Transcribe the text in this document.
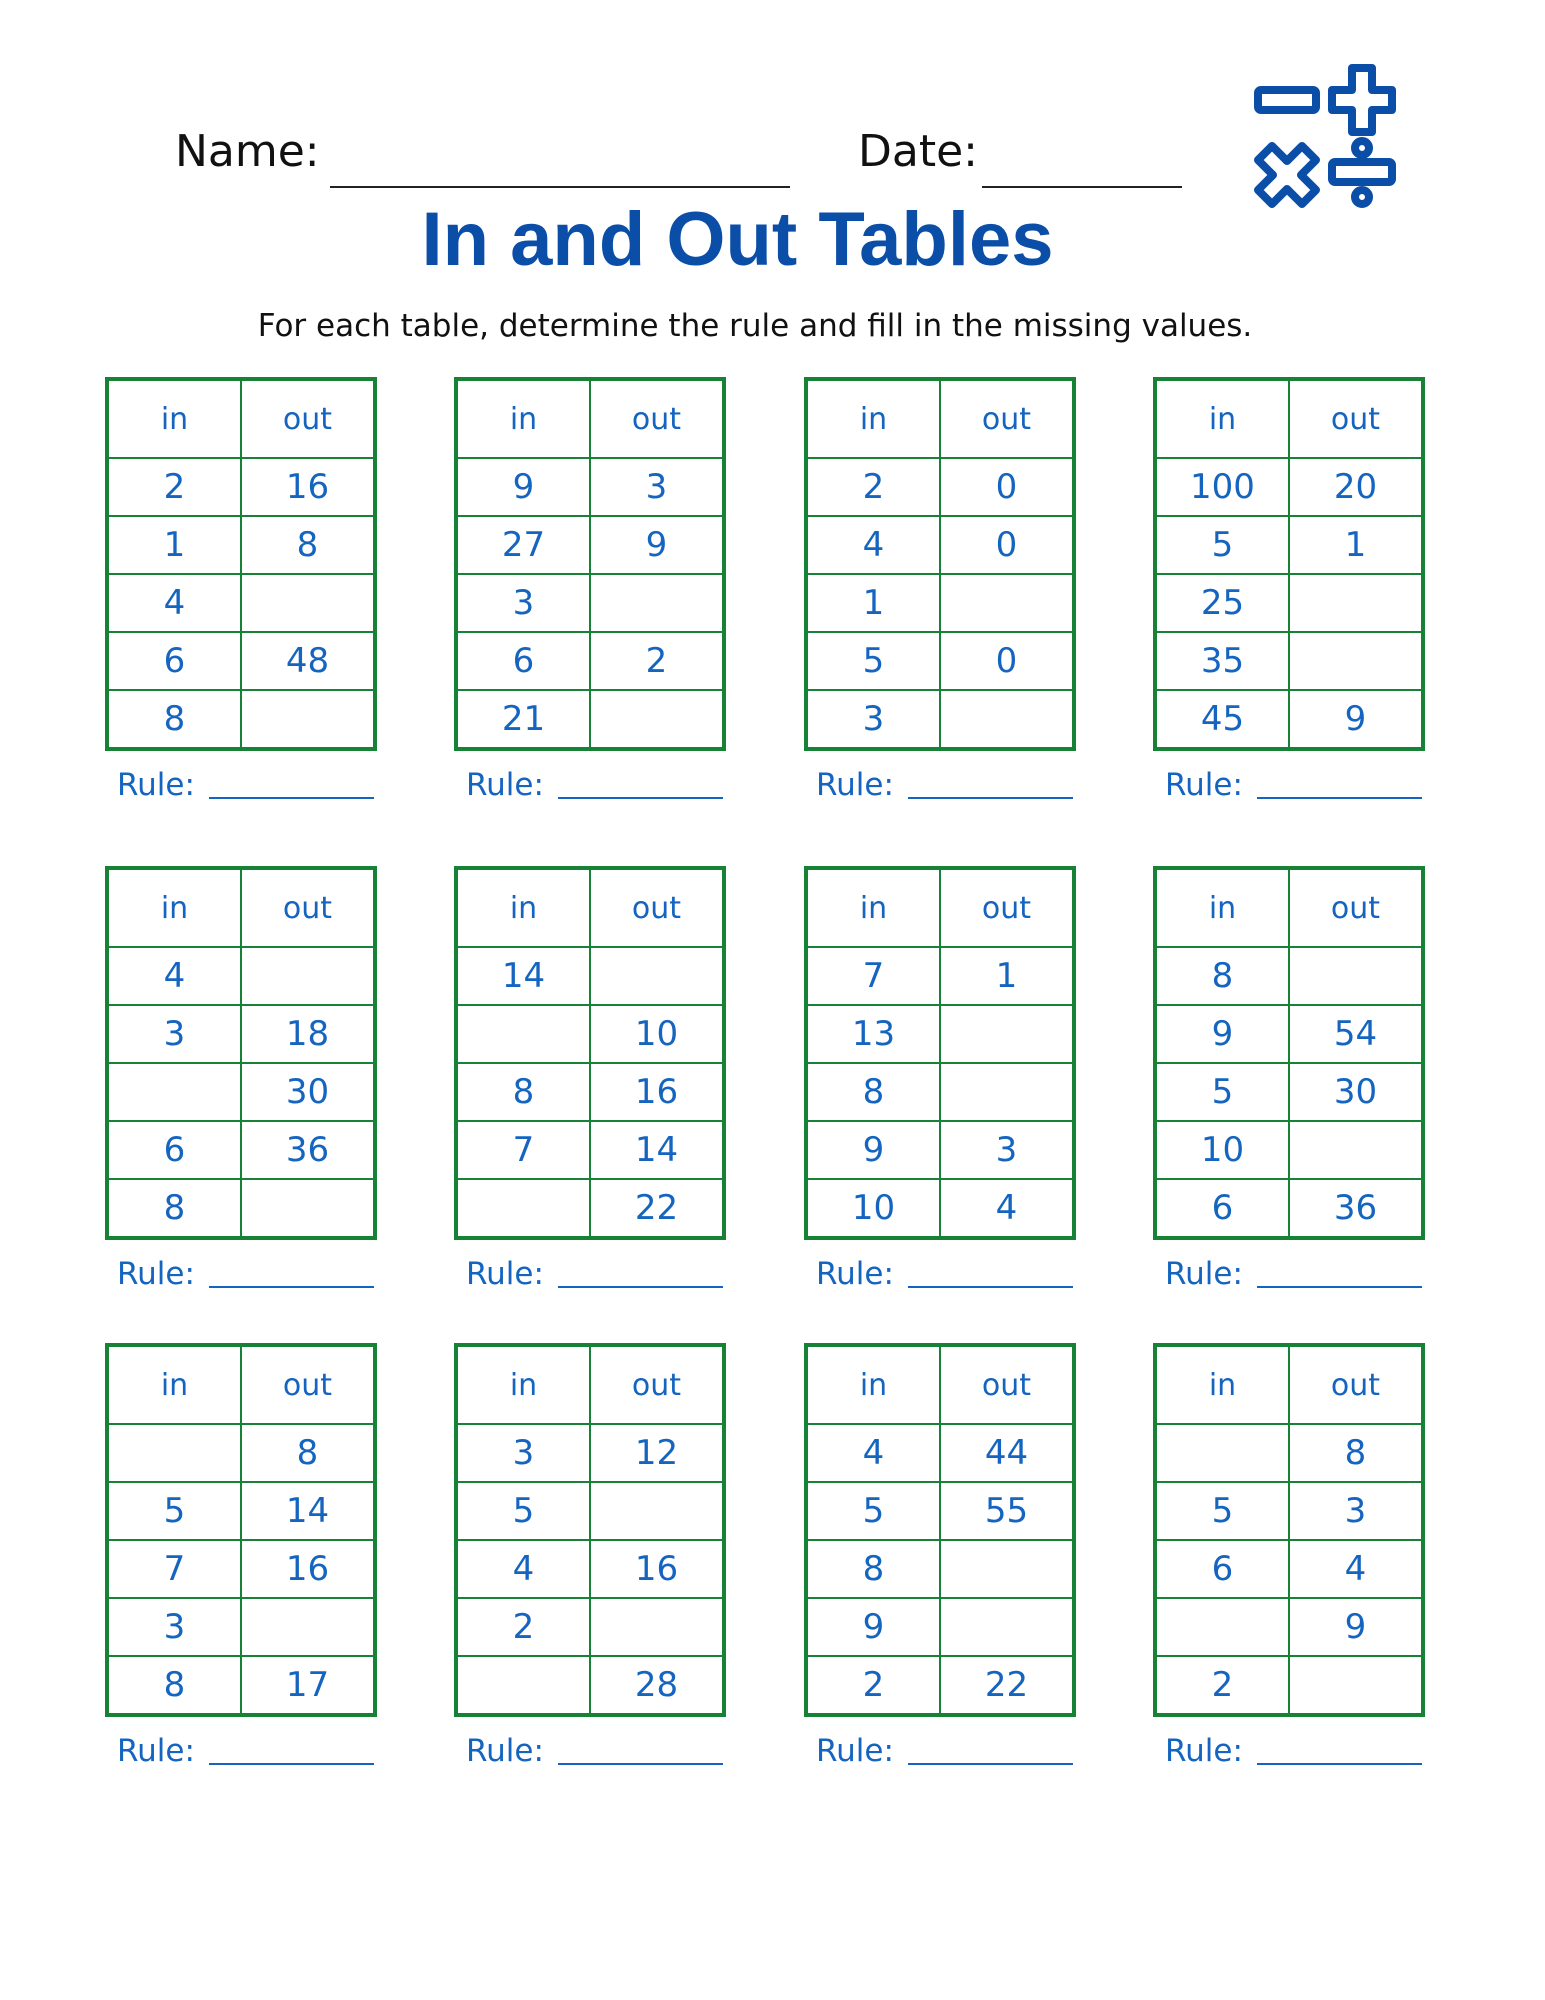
Name:	Date:
In and Out Tables
For each table, determine the rule and fill in the missing values.
in	out
2	16
1	8
4	
6	48
8	
Rule:
in	out
9	3
27	9
3	
6	2
21	
Rule:
in	out
2	0
4	0
1	
5	0
3	
Rule:
in	out
100	20
5	1
25	
35	
45	9
Rule:
in	out
4	
3	18
	30
6	36
8	
Rule:
in	out
14	
	10
8	16
7	14
	22
Rule:
in	out
7	1
13	
8	
9	3
10	4
Rule:
in	out
8	
9	54
5	30
10	
6	36
Rule:
in	out
	8
5	14
7	16
3	
8	17
Rule:
in	out
3	12
5	
4	16
2	
	28
Rule:
in	out
4	44
5	55
8	
9	
2	22
Rule:
in	out
	8
5	3
6	4
	9
2	
Rule:
